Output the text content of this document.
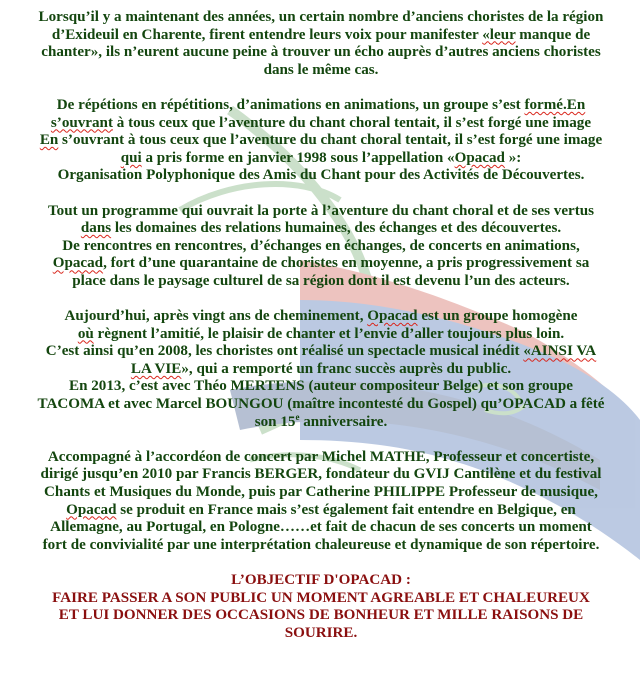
Lorsqu’il y a maintenant des années, un certain nombre d’anciens choristes de la région
d’Exideuil en Charente, firent entendre leurs voix pour manifester «leur manque de
chanter», ils n’eurent aucune peine à trouver un écho auprès d’autres anciens choristes
dans le même cas.
De répétions en répétitions, d’animations en animations, un groupe s’est formé.En
s’ouvrant à tous ceux que l’aventure du chant choral tentait, il s’est forgé une image
En s’ouvrant à tous ceux que l’aventure du chant choral tentait, il s’est forgé une image
qui a pris forme en janvier 1998 sous l’appellation «Opacad »:
Organisation Polyphonique des Amis du Chant pour des Activités de Découvertes.
Tout un programme qui ouvrait la porte à l’aventure du chant choral et de ses vertus
dans les domaines des relations humaines, des échanges et des découvertes.
De rencontres en rencontres, d’échanges en échanges, de concerts en animations,
Opacad, fort d’une quarantaine de choristes en moyenne, a pris progressivement sa
place dans le paysage culturel de sa région dont il est devenu l’un des acteurs.
Aujourd’hui, après vingt ans de cheminement, Opacad est un groupe homogène
où règnent l’amitié, le plaisir de chanter et l’envie d’aller toujours plus loin.
C’est ainsi qu’en 2008, les choristes ont réalisé un spectacle musical inédit «AINSI VA
LA VIE», qui a remporté un franc succès auprès du public.
En 2013, c’est avec Théo MERTENS (auteur compositeur Belge) et son groupe
TACOMA et avec Marcel BOUNGOU (maître incontesté du Gospel) qu’OPACAD a fêté
son 15e anniversaire.
Accompagné à l’accordéon de concert par Michel MATHE, Professeur et concertiste,
dirigé jusqu’en 2010 par Francis BERGER, fondateur du GVIJ Cantilène et du festival
Chants et Musiques du Monde, puis par Catherine PHILIPPE Professeur de musique,
Opacad se produit en France mais s’est également fait entendre en Belgique, en
Allemagne, au Portugal, en Pologne……et fait de chacun de ses concerts un moment
fort de convivialité par une interprétation chaleureuse et dynamique de son répertoire.
L’OBJECTIF D'OPACAD :
FAIRE PASSER A SON PUBLIC UN MOMENT AGREABLE ET CHALEUREUX
ET LUI DONNER DES OCCASIONS DE BONHEUR ET MILLE RAISONS DE
SOURIRE.
